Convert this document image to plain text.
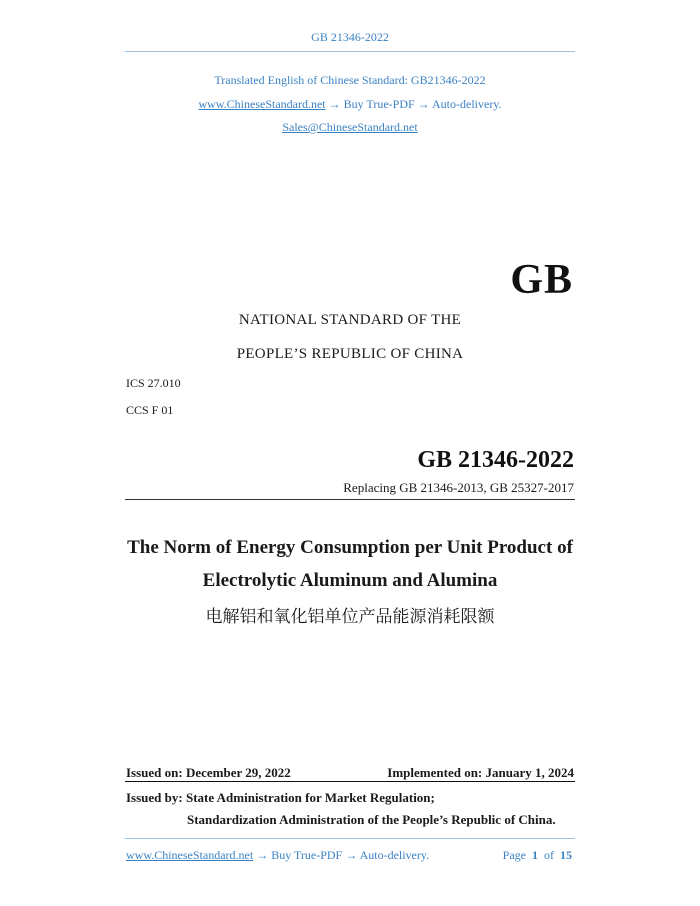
GB 21346-2022
Translated English of Chinese Standard: GB21346-2022
www.ChineseStandard.net → Buy True-PDF → Auto-delivery.
Sales@ChineseStandard.net
GB
NATIONAL STANDARD OF THE
PEOPLE’S REPUBLIC OF CHINA
ICS 27.010
CCS F 01
GB 21346-2022
Replacing GB 21346-2013, GB 25327-2017
The Norm of Energy Consumption per Unit Product of
Electrolytic Aluminum and Alumina
电解铝和氧化铝单位产品能源消耗限额
Issued on: December 29, 2022	Implemented on: January 1, 2024
Issued by: State Administration for Market Regulation;
Standardization Administration of the People’s Republic of China.
www.ChineseStandard.net → Buy True-PDF → Auto-delivery.	Page 1 of 15
